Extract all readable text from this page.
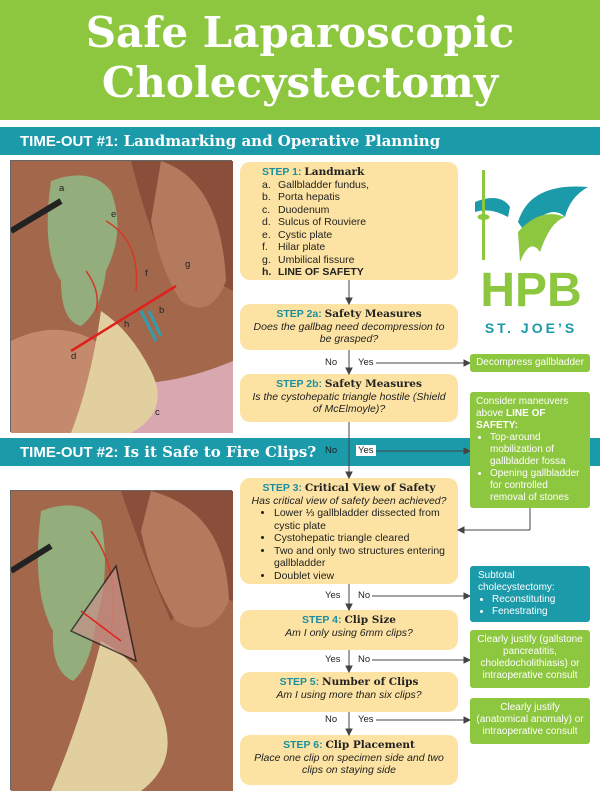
Safe Laparoscopic
Cholecystectomy
TIME-OUT #1: Landmarking and Operative Planning
a
e
f
g
b
h
d
c
STEP 1: Landmark
a. Gallbladder fundus,
b. Porta hepatis
c. Duodenum
d. Sulcus of Rouviere
e. Cystic plate
f. Hilar plate
g. Umbilical fissure
h. LINE OF SAFETY	HPB
ST. JOE’S
STEP 2a: Safety Measures
Does the gallbag need decompression to be grasped?
STEP 2b: Safety Measures
Is the cystohepatic triangle hostile (Shield of McElmoyle)?
TIME-OUT #2: Is it Safe to Fire Clips?
STEP 3: Critical View of Safety
Has critical view of safety been achieved?
• Lower ⅓ gallbladder dissected from cystic plate
• Cystohepatic triangle cleared
• Two and only two structures entering gallbladder
• Doublet view
STEP 4: Clip Size
Am I only using 6mm clips?
STEP 5: Number of Clips
Am I using more than six clips?
STEP 6: Clip Placement
Place one clip on specimen side and two clips on staying side
No Yes
No Yes
Yes No
Yes No
No Yes
Decompress gallbladder
Consider maneuvers above LINE OF SAFETY:
• Top-around mobilization of gallbladder fossa
• Opening gallbladder for controlled removal of stones
Subtotal cholecystectomy:
• Reconstituting
• Fenestrating
Clearly justify (gallstone pancreatitis, choledocholithiasis) or intraoperative consult
Clearly justify (anatomical anomaly) or intraoperative consult
